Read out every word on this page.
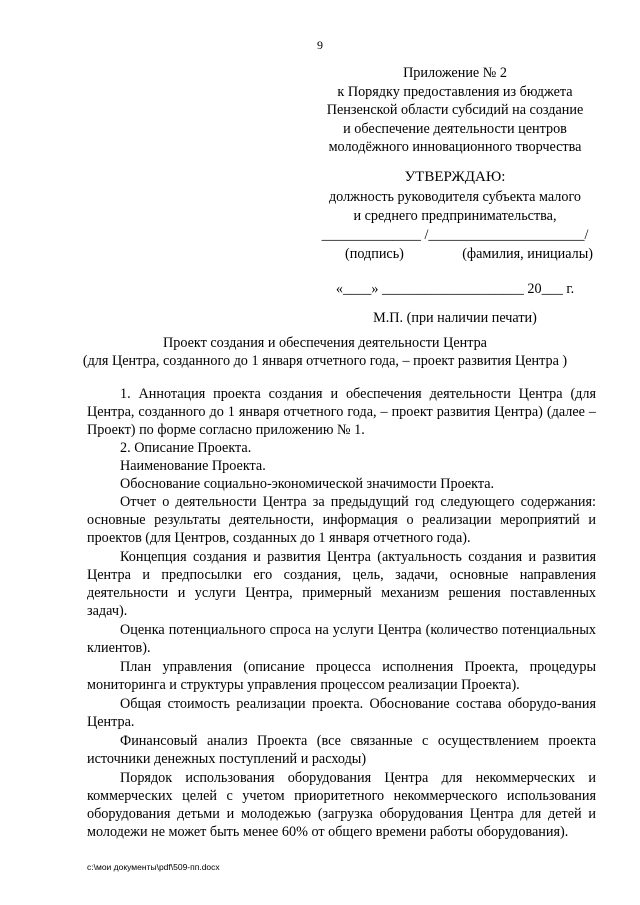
9
Приложение № 2
к Порядку предоставления из бюджета
Пензенской области субсидий на создание
и обеспечение деятельности центров
молодёжного инновационного творчества
УТВЕРЖДАЮ:
должность руководителя субъекта малого
и среднего предпринимательства,
______________ /______________________/
(подпись)	(фамилия, инициалы)
«____» ____________________ 20___ г.
М.П. (при наличии печати)
Проект создания и обеспечения деятельности Центра
(для Центра, созданного до 1 января отчетного года, – проект развития Центра )

1. Аннотация проекта создания и обеспечения деятельности Центра (для Центра, созданного до 1 января отчетного года, – проект развития Центра) (далее – Проект) по форме согласно приложению № 1.

2. Описание Проекта.

Наименование Проекта.

Обоснование социально-экономической значимости Проекта.

Отчет о деятельности Центра за предыдущий год следующего содержания: основные результаты деятельности, информация о реализации мероприятий и проектов (для Центров, созданных до 1 января отчетного года).

Концепция создания и развития Центра (актуальность создания и развития Центра и предпосылки его создания, цель, задачи, основные направления деятельности и услуги Центра, примерный механизм решения поставленных задач).

Оценка потенциального спроса на услуги Центра (количество потенциальных клиентов).

План управления (описание процесса исполнения Проекта, процедуры мониторинга и структуры управления процессом реализации Проекта).

Общая стоимость реализации проекта. Обоснование состава оборудо-вания Центра.

Финансовый анализ Проекта (все связанные с осуществлением проекта источники денежных поступлений и расходы)

Порядок использования оборудования Центра для некоммерческих и коммерческих целей с учетом приоритетного некоммерческого использования оборудования детьми и молодежью (загрузка оборудования Центра для детей и молодежи не может быть менее 60% от общего времени работы оборудования).

c:\мои документы\pdf\509-пп.docx
